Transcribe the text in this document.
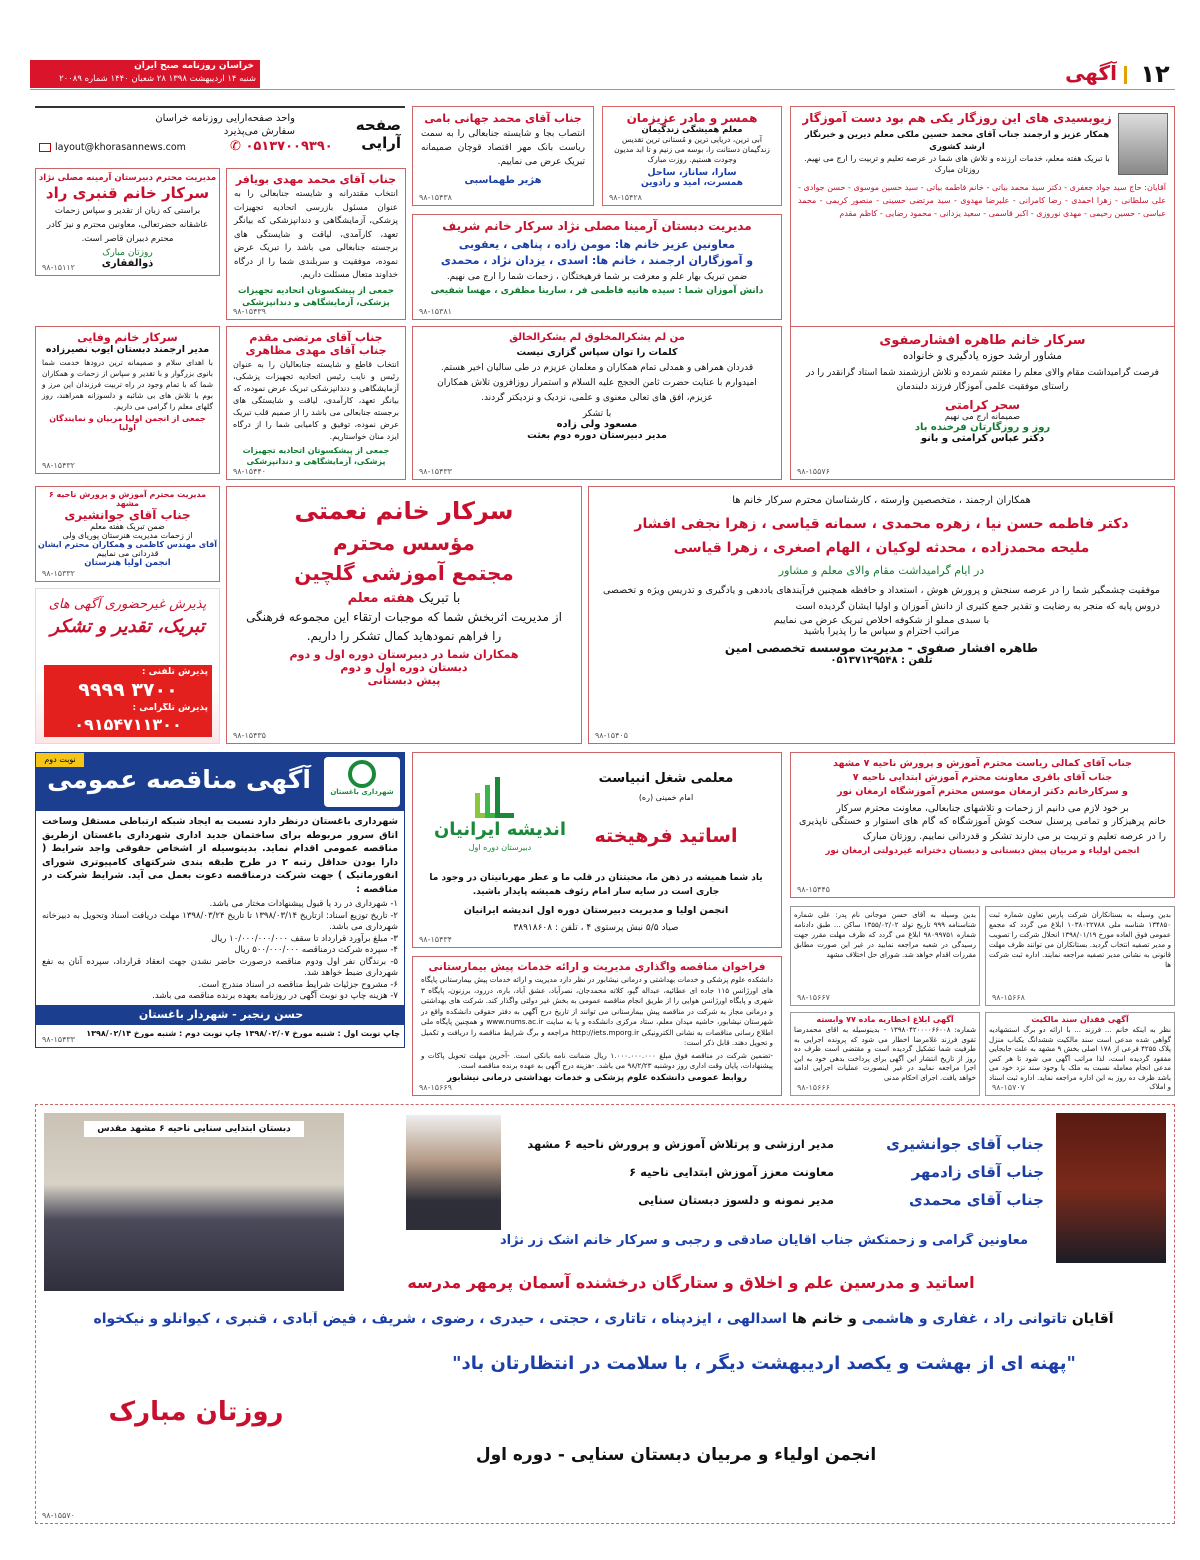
۱۲
آگهی
خراسان روزنامه صبح ایران
شنبه ۱۴ اردیبهشت ۱۳۹۸ ۲۸ شعبان ۱۴۴۰ شماره ۲۰۰۸۹
زیوبسیدی های این روزگار یکی هم بود دست آموزگار
همکار عزیز و ارجمند جناب آقای محمد حسین ملکی معلم دیرین و خبرنگار ارشد کشوری
با تبریک هفته معلم، خدمات ارزنده و تلاش های شما در عرصه تعلیم و تربیت را ارج می نهیم. روزتان مبارک
آقایان: حاج سید جواد جعفری - دکتر سید محمد بیاتی - خانم فاطمه بیاتی - سید حسین موسوی - حسن جوادی - علی سلطانی - زهرا احمدی - رضا کامرانی - علیرضا مهدوی - سید مرتضی حسینی - منصور کریمی - محمد عباسی - حسین رحیمی - مهدی نوروزی - اکبر قاسمی - سعید یزدانی - محمود رضایی - کاظم مقدم
همسر و مادر عزیزمان
معلم همیشگی زندگیمان
آبی ترین، دریایی ترین و مُستانی ترین تقدیس زندگیمان دستانت را، بوسه می زنیم و تا ابد مدیون وجودت هستیم. روزت مبارک
سارا، ساناز، ساحل
همسرت، امید و رادوین
۹۸-۱۵۴۲۸
جناب آقای محمد جهانی بامی
انتصاب بجا و شایسته جنابعالی را به سمت ریاست بانک مهر اقتصاد قوچان صمیمانه تبریک عرض می نماییم.
هژیر طهماسبی
۹۸-۱۵۴۳۸
صفحه آرایی
واحد صفحه‌آرایی روزنامه خراسان
سفارش می‌پذیرد
layout@khorasannews.com	✆ ۰۵۱۳۷۰۰۹۳۹۰
مدیریت محترم دبیرستان آرمینه مصلی نژاد
سرکار خانم قنبری راد
براستی که زبان از تقدیر و سپاس زحمات عاشقانه حضرتعالی، معاونین محترم و نیز کادر محترم دبیران قاصر است.
روزتان مبارک
ذوالفقاری
۹۸-۱۵۱۱۲
جناب آقای محمد مهدی بویافر
انتخاب مقتدرانه و شایسته جنابعالی را به عنوان مسئول بازرسی اتحادیه تجهیزات پزشکی، آزمایشگاهی و دندانپزشکی که بیانگر تعهد، کارآمدی، لیاقت و شایستگی های برجسته جنابعالی می باشد را تبریک عرض نموده، موفقیت و سربلندی شما را از درگاه خداوند متعال مسئلت داریم.
جمعی از پیشکسوتان اتحادیه تجهیزات پزشکی، آزمایشگاهی و دندانپزشکی
۹۸-۱۵۴۳۹
مدیریت دبستان آرمینا مصلی نژاد سرکار خانم شریف
معاونین عزیز خانم ها: مومن زاده ، پناهی ، یعقوبی
و آموزگاران ارجمند ، خانم ها: اسدی ، یزدان نژاد ، محمدی
ضمن تبریک بهار علم و معرفت بر شما فرهیختگان ، زحمات شما را ارج می نهیم.
دانش آموزان شما : سیده هانیه فاطمی فر ، سارینا مظفری ، مهسا شفیعی
۹۸-۱۵۳۸۱
سرکار خانم طاهره افشارصفوی
مشاور ارشد حوزه یادگیری و خانواده
فرصت گرامیداشت مقام والای معلم را مغتنم شمرده و تلاش ارزشمند شما استاد گرانقدر را در راستای موفقیت علمی آموزگار فرزند دلبندمان
سحر کرامتی
صمیمانه ارج می نهیم
روز و روزگارتان فرخنده باد
دکتر عباس کرامتی و بانو
۹۸-۱۵۵۷۶
من لم یشکرالمخلوق لم یشکرالخالق
کلمات را توان سپاس گزاری نیست
قدردان همراهی و همدلی تمام همکاران و معلمان عزیزم در طی سالیان اخیر هستم. امیدوارم با عنایت حضرت ثامن الحجج علیه السلام و استمرار روزافزون تلاش همکاران عزیزم، افق های تعالی معنوی و علمی، نزدیک و نزدیکتر گردند.
با تشکر
مسعود ولی زاده
مدیر دبیرستان دوره دوم بعثت
۹۸-۱۵۴۳۳
جناب آقای مرتضی مقدم
جناب آقای مهدی مظاهری
انتخاب قاطع و شایسته جنابعالیان را به عنوان رئیس و نایب رئیس اتحادیه تجهیزات پزشکی، آزمایشگاهی و دندانپزشکی تبریک عرض نموده، که بیانگر تعهد، کارآمدی، لیاقت و شایستگی های برجسته جنابعالی می باشد را از صمیم قلب تبریک عرض نموده، توفیق و کامیابی شما را از درگاه ایزد منان خواستاریم.
جمعی از پیشکسوتان اتحادیه تجهیزات پزشکی، آزمایشگاهی و دندانپزشکی
۹۸-۱۵۴۴۰
سرکار خانم وفایی
مدیر ارجمند دبستان ایوب نصیرزاده
با اهدای سلام و صمیمانه ترین درودها خدمت شما بانوی بزرگوار و با تقدیر و سپاس از زحمات و همکاران شما که با تمام وجود در راه تربیت فرزندان این مرز و بوم با تلاش های بی شائبه و دلسوزانه همراهند، روز گلهای معلم را گرامی می داریم.
جمعی از انجمن اولیا مربیان و نمایندگان اولیا
۹۸-۱۵۴۳۲
مدیریت محترم آموزش و پرورش ناحیه ۶ مشهد
جناب آقای جوانشیری
ضمن تبریک هفته معلم
از زحمات مدیریت هنرستان پوریای ولی
آقای مهندس کاظمی و همکاران محترم ایشان
قدردانی می نماییم
انجمن اولیا هنرستان
۹۸-۱۵۳۳۲
پذیرش غیرحضوری آگهی های
تبریک، تقدیر و تشکر
پذیرش تلفنی :
۳۷۰۰ ۹۹۹۹
پذیرش تلگرامی :
۰۹۱۵۴۷۱۱۳۰۰
سرکار خانم نعمتی
مؤسس محترم
مجتمع آموزشی گلچین
با تبریک هفته معلم
از مدیریت اثربخش شما که موجبات ارتقاء این مجموعه فرهنگی را فراهم نمودهاید کمال تشکر را داریم.
همکاران شما در دبیرستان دوره اول و دوم
دبستان دوره اول و دوم
پیش دبستانی
۹۸-۱۵۴۳۵
همکاران ارجمند ، متخصصین وارسته ، کارشناسان محترم سرکار خانم ها
دکتر فاطمه حسن نیا ، زهره محمدی ، سمانه قیاسی ، زهرا نجفی افشار
ملیحه محمدزاده ، محدثه لوکیان ، الهام اصغری ، زهرا قیاسی
در ایام گرامیداشت مقام والای معلم و مشاور
موفقیت چشمگیر شما را در عرصه سنجش و پرورش هوش ، استعداد و حافظه همچنین فرآیندهای یاددهی و یادگیری و تدریس ویژه و تخصصی دروس پایه که منجر به رضایت و تقدیر جمع کثیری از دانش آموزان و اولیا ایشان گردیده است
با سبدی مملو از شکوفه اخلاص تبریک عرض می نماییم
مراتب احترام و سپاس ما را پذیرا باشید
طاهره افشار صفوی - مدیریت موسسه تخصصی امین
تلفن : ۰۵۱۳۷۱۲۹۵۴۸
۹۸-۱۵۴۰۵
نوبت دوم
آگهی مناقصه عمومی	شهرداری باغستان
شهرداری باغستان درنظر دارد نسبت به ایجاد شبکه ارتباطی مستقل وساخت اتاق سرور مربوطه برای ساختمان جدید اداری شهرداری باغستان ازطریق مناقصه عمومی اقدام نماید. بدینوسیله از اشخاص حقوقی واجد شرایط ( دارا بودن حداقل رتبه ۲ در طرح طبقه بندی شرکتهای کامپیوتری شورای انفورماتیک ) جهت شرکت درمناقصه دعوت بعمل می آید. شرایط شرکت در مناقصه :
۱- شهرداری در رد یا قبول پیشنهادات مختار می باشد.
۲- تاریخ توزیع اسناد: ازتاریخ ۱۳۹۸/۰۳/۱۴ تا تاریخ ۱۳۹۸/۰۳/۲۴ مهلت دریافت اسناد وتحویل به دبیرخانه شهرداری می باشد.
۳- مبلغ برآورد قرارداد تا سقف ۱۰/۰۰۰/۰۰۰/۰۰۰ ریال
۴- سپرده شرکت درمناقصه ۵۰۰/۰۰۰/۰۰۰ ریال
۵- برندگان نفر اول ودوم مناقصه درصورت حاضر نشدن جهت انعقاد قرارداد، سپرده آنان به نفع شهرداری ضبط خواهد شد.
۶- مشروح جزئیات شرایط مناقصه در اسناد مندرج است.
۷- هزینه چاپ دو نوبت آگهی در روزنامه بعهده برنده مناقصه می باشد.
حسن رنجبر - شهردار باغستان
چاپ نوبت اول : شنبه مورخ ۱۳۹۸/۰۲/۰۷ چاپ نوبت دوم : شنبه مورخ ۱۳۹۸/۰۲/۱۴
۹۸-۱۵۴۳۳
معلمی شغل انبیاست
امام خمینی (ره)
اندیشه ایرانیان
دبیرستان دوره اول
اساتید فرهیخته
یاد شما همیشه در ذهن ما، محبتتان در قلب ما و عطر مهربانیتان در وجود ما جاری است در سایه سار امام رئوف همیشه پایدار باشید.
انجمن اولیا و مدیریت دبیرستان دوره اول اندیشه ایرانیان
صیاد ۵/۵ نبش پرستوی ۴ ، تلفن : ۳۸۹۱۸۶۰۸
۹۸-۱۵۴۳۴
جناب آقای کمالی ریاست محترم آموزش و پرورش ناحیه ۷ مشهد
جناب آقای باقری معاونت محترم آموزش ابتدایی ناحیه ۷
و سرکارخانم دکتر ارمغان موسس محترم آموزشگاه ارمغان نور
بر خود لازم می دانیم از زحمات و تلاشهای جنابعالی، معاونت محترم سرکار
خانم پرهیزکار و تمامی پرسنل سخت کوش آموزشگاه که گام های استوار و خستگی ناپذیری را در عرصه تعلیم و تربیت بر می دارند تشکر و قدردانی نماییم. روزتان مبارک
انجمن اولیاء و مربیان پیش دبستانی و دبستان دخترانه غیردولتی ارمغان نور
۹۸-۱۵۴۴۵
فراخوان مناقصه واگذاری مدیریت و ارائه خدمات پیش بیمارستانی
دانشکده علوم پزشکی و خدمات بهداشتی و درمانی نیشابور در نظر دارد مدیریت و ارائه خدمات پیش بیمارستانی پایگاه های اورژانس ۱۱۵ جاده ای عطائیه، عبداله گیو، کلاته محمدجان، نصرآباد، عشق آباد، باره، دررود، برزنون، پایگاه ۳ شهری و پایگاه اورژانس هوایی را از طریق انجام مناقصه عمومی به بخش غیر دولتی واگذار کند. شرکت های بهداشتی و درمانی مجاز به شرکت در مناقصه پیش بیمارستانی می توانند از تاریخ درج آگهی به دفتر حقوقی دانشکده واقع در شهرستان نیشابور، حاشیه میدان معلم، ستاد مرکزی دانشکده و یا به سایت www.nums.ac.ir و همچنین پایگاه ملی اطلاع رسانی مناقصات به نشانی الکترونیکی http://iets.mporg.ir مراجعه و برگ شرایط مناقصه را دریافت و تکمیل و تحویل دهند. قابل ذکر است:
-تضمین شرکت در مناقصه فوق مبلغ ۱.۰۰۰.۰۰۰.۰۰۰ ریال ضمانت نامه بانکی است. -آخرین مهلت تحویل پاکات و پیشنهادات، پایان وقت اداری روز دوشنبه ۹۸/۲/۲۳ می باشد. -هزینه درج آگهی به عهده برنده مناقصه است.
روابط عمومی دانشکده علوم پزشکی و خدمات بهداشتی درمانی نیشابور
۹۸-۱۵۶۶۹
بدین وسیله به آقای حسن موجانی نام پدر: علی شماره شناسنامه ۹۹۹ تاریخ تولد ۱۳۵۵/۰۲/۰۲ ساکن ... طبق دادنامه شماره ۹۸۰۹۹۷۵۱ ابلاغ می گردد که ظرف مهلت مقرر جهت رسیدگی در شعبه مراجعه نمایید در غیر این صورت مطابق مقررات اقدام خواهد شد. شورای حل اختلاف مشهد
۹۸-۱۵۶۶۷
بدین وسیله به بستانکاران شرکت پارس تعاون شماره ثبت ۱۳۴۸۵۰ شناسه ملی ۱۰۳۸۰۲۲۷۸۸ ابلاغ می گردد که مجمع عمومی فوق العاده مورخ ۱۳۹۸/۰۱/۱۹ انحلال شرکت را تصویب و مدیر تصفیه انتخاب گردید. بستانکاران می توانند ظرف مهلت قانونی به نشانی مدیر تصفیه مراجعه نمایند. اداره ثبت شرکت ها
۹۸-۱۵۶۶۸
آگهی ابلاغ اخطاریه ماده ۷۷ وابسته
شماره: ۱۳۹۸۰۴۲۰۰۰۰۶۶۰۰۸ - بدینوسیله به اقای محمدرضا تقوی فرزند غلامرضا اخطار می شود که پرونده اجرایی به طرفیت شما تشکیل گردیده است و مقتضی است ظرف ده روز از تاریخ انتشار این آگهی برای پرداخت بدهی خود به این اجرا مراجعه نمایید در غیر اینصورت عملیات اجرایی ادامه خواهد یافت. اجرای احکام مدنی
۹۸-۱۵۶۶۶
آگهی فقدان سند مالکیت
نظر به اینکه خانم ... فرزند ... با ارائه دو برگ استشهادیه گواهی شده مدعی است سند مالکیت ششدانگ یکباب منزل پلاک ۴۲۵۵ فرعی از ۱۷۸ اصلی بخش ۹ مشهد به علت جابجایی مفقود گردیده است، لذا مراتب آگهی می شود تا هر کس مدعی انجام معامله نسبت به ملک یا وجود سند نزد خود می باشد ظرف ده روز به این اداره مراجعه نماید. اداره ثبت اسناد و املاک
۹۸-۱۵۷۰۷
دبستان ابتدایی سنایی ناحیه ۶ مشهد مقدس
جناب آقای جوانشیری
مدیر ارزشی و پرتلاش آموزش و پرورش ناحیه ۶ مشهد
جناب آقای زادمهر
معاونت معزز آموزش ابتدایی ناحیه ۶
جناب آقای محمدی
مدیر نمونه و دلسوز دبستان سنایی
معاونین گرامی و زحمتکش جناب آقایان صادقی و رجبی و سرکار خانم اشک زر نژاد
اساتید و مدرسین علم و اخلاق و ستارگان درخشنده آسمان پرمهر مدرسه
آقایان تاتوانی راد ، غفاری و هاشمی و خانم ها اسدالهی ، ایزدپناه ، تاتاری ، حجتی ، حیدری ، رضوی ، شریف ، فیض آبادی ، قنبری ، کیوانلو و نیکخواه
"پهنه ای از بهشت و یکصد اردیبهشت دیگر ، با سلامت در انتظارتان باد"
روزتان مبارک
انجمن اولیاء و مربیان دبستان سنایی - دوره اول
۹۸-۱۵۵۷۰
